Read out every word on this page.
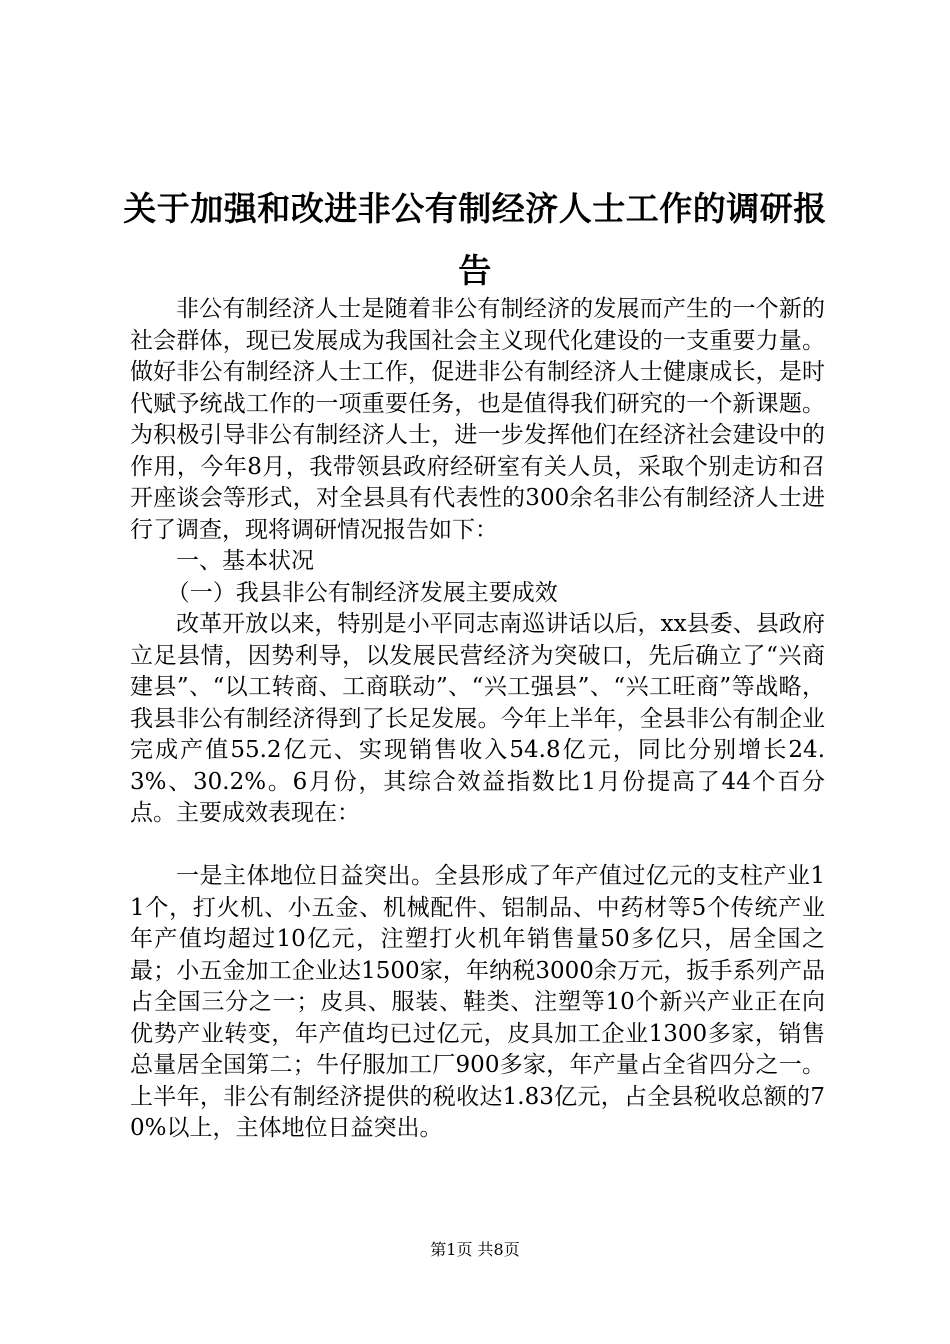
关于加强和改进非公有制经济人士工作的调研报告

非公有制经济人士是随着非公有制经济的发展而产生的一个新的社会群体，现已发展成为我国社会主义现代化建设的一支重要力量。做好非公有制经济人士工作，促进非公有制经济人士健康成长，是时代赋予统战工作的一项重要任务，也是值得我们研究的一个新课题。为积极引导非公有制经济人士，进一步发挥他们在经济社会建设中的作用，今年8月，我带领县政府经研室有关人员，采取个别走访和召开座谈会等形式，对全县具有代表性的300余名非公有制经济人士进行了调查，现将调研情况报告如下：

一、基本状况

（一）我县非公有制经济发展主要成效

改革开放以来，特别是小平同志南巡讲话以后，xx县委、县政府立足县情，因势利导，以发展民营经济为突破口，先后确立了“兴商建县”、“以工转商、工商联动”、“兴工强县”、“兴工旺商”等战略，我县非公有制经济得到了长足发展。今年上半年，全县非公有制企业完成产值55.2亿元、实现销售收入54.8亿元，同比分别增长24.3%、30.2%。6月份，其综合效益指数比1月份提高了44个百分点。主要成效表现在：

一是主体地位日益突出。全县形成了年产值过亿元的支柱产业11个，打火机、小五金、机械配件、铝制品、中药材等5个传统产业年产值均超过10亿元，注塑打火机年销售量50多亿只，居全国之最；小五金加工企业达1500家，年纳税3000余万元，扳手系列产品占全国三分之一；皮具、服装、鞋类、注塑等10个新兴产业正在向优势产业转变，年产值均已过亿元，皮具加工企业1300多家，销售总量居全国第二；牛仔服加工厂900多家，年产量占全省四分之一。上半年，非公有制经济提供的税收达1.83亿元，占全县税收总额的70%以上，主体地位日益突出。

第1页 共8页
